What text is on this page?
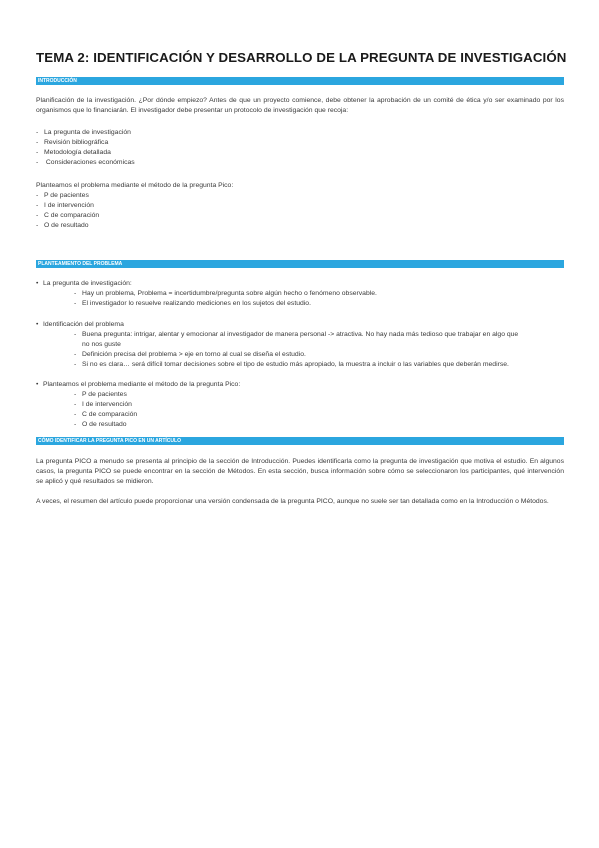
TEMA 2: IDENTIFICACIÓN Y DESARROLLO DE LA PREGUNTA DE INVESTIGACIÓN
INTRODUCCIÓN
Planificación de la investigación. ¿Por dónde empiezo? Antes de que un proyecto comience, debe obtener la aprobación de un comité de ética y/o ser examinado por los organismos que lo financiarán. El investigador debe presentar un protocolo de investigación que recoja:
- La pregunta de investigación
- Revisión bibliográfica
- Metodología detallada
- Consideraciones económicas
Planteamos el problema mediante el método de la pregunta Pico:
- P de pacientes
- I de intervención
- C de comparación
- O de resultado
PLANTEAMIENTO DEL PROBLEMA
• La pregunta de investigación:
- Hay un problema, Problema = incertidumbre/pregunta sobre algún hecho o fenómeno observable.
- El investigador lo resuelve realizando mediciones en los sujetos del estudio.
• Identificación del problema
- Buena pregunta: intrigar, alentar y emocionar al investigador de manera personal -> atractiva. No hay nada más tedioso que trabajar en algo que
no nos guste
- Definición precisa del problema > eje en torno al cual se diseña el estudio.
- Si no es clara… será difícil tomar decisiones sobre el tipo de estudio más apropiado, la muestra a incluir o las variables que deberán medirse.
• Planteamos el problema mediante el método de la pregunta Pico:
- P de pacientes
- I de intervención
- C de comparación
- O de resultado
CÓMO IDENTIFICAR LA PREGUNTA PICO EN UN ARTÍCULO
La pregunta PICO a menudo se presenta al principio de la sección de Introducción. Puedes identificarla como la pregunta de investigación que motiva el estudio. En algunos casos, la pregunta PICO se puede encontrar en la sección de Métodos. En esta sección, busca información sobre cómo se seleccionaron los participantes, qué intervención se aplicó y qué resultados se midieron.
A veces, el resumen del artículo puede proporcionar una versión condensada de la pregunta PICO, aunque no suele ser tan detallada como en la Introducción o Métodos.
